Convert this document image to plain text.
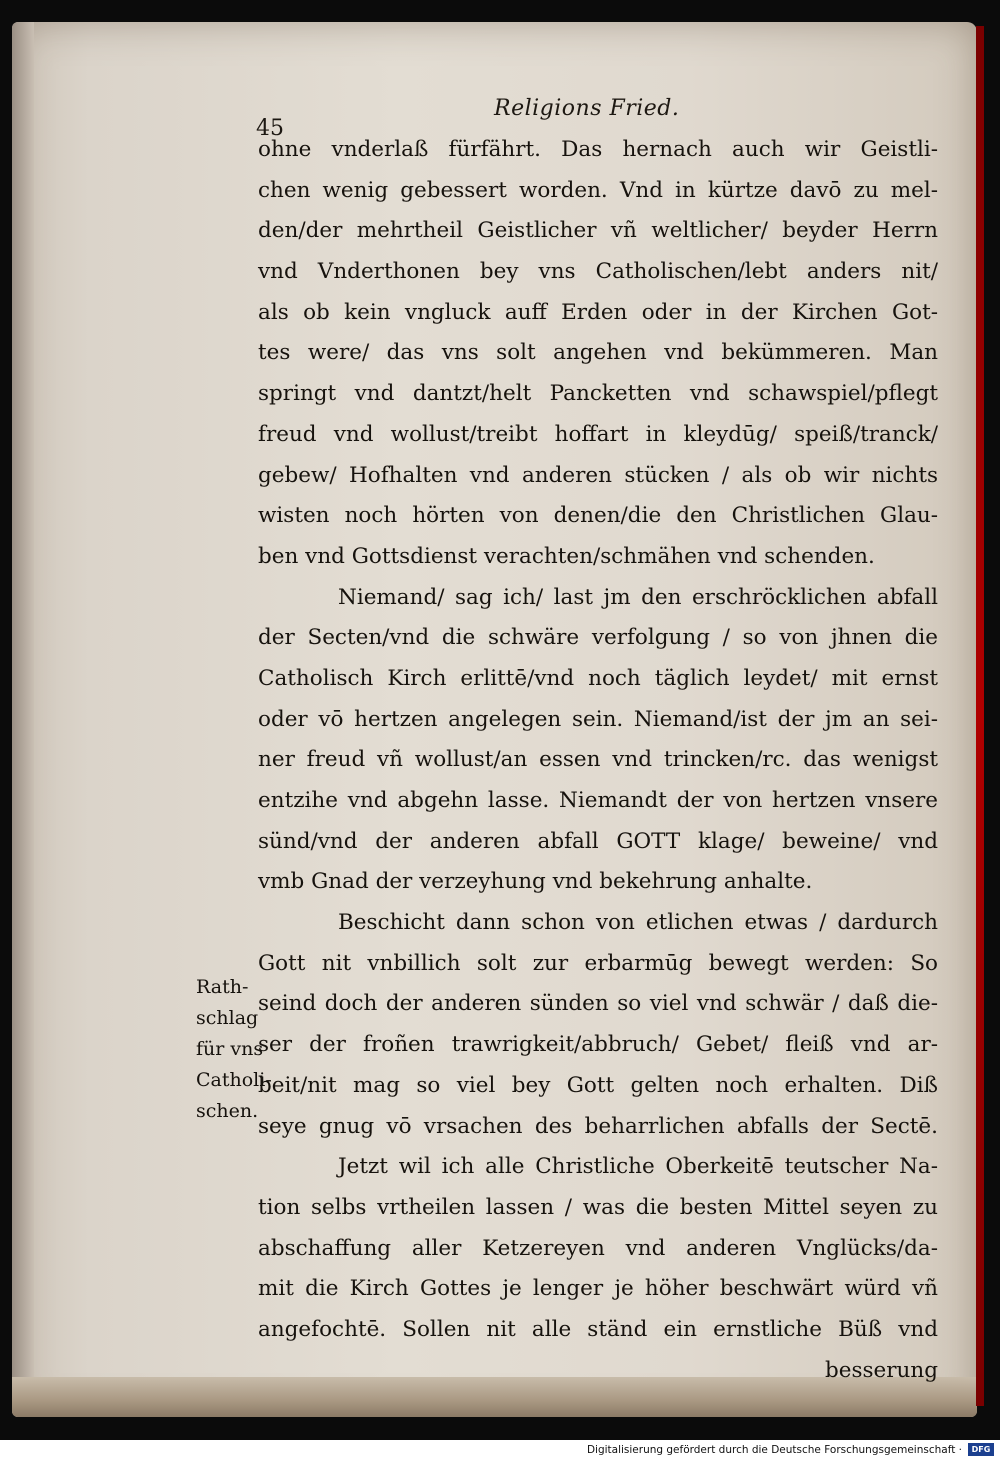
45
Religions Fried.
ohne vnderlaß fürfährt. Das hernach auch wir Geistli-
chen wenig gebessert worden. Vnd in kürtze davō zu mel-
den/der mehrtheil Geistlicher vñ weltlicher/ beyder Herrn
vnd Vnderthonen bey vns Catholischen/lebt anders nit/
als ob kein vngluck auff Erden oder in der Kirchen Got-
tes were/ das vns solt angehen vnd bekümmeren. Man
springt vnd dantzt/helt Pancketten vnd schawspiel/pflegt
freud vnd wollust/treibt hoffart in kleydūg/ speiß/tranck/
gebew/ Hofhalten vnd anderen stücken / als ob wir nichts
wisten noch hörten von denen/die den Christlichen Glau-
ben vnd Gottsdienst verachten/schmähen vnd schenden.
Niemand/ sag ich/ last jm den erschröcklichen abfall
der Secten/vnd die schwäre verfolgung / so von jhnen die
Catholisch Kirch erlittē/vnd noch täglich leydet/ mit ernst
oder vō hertzen angelegen sein. Niemand/ist der jm an sei-
ner freud vñ wollust/an essen vnd trincken/rc. das wenigst
entzihe vnd abgehn lasse. Niemandt der von hertzen vnsere
sünd/vnd der anderen abfall GOTT klage/ beweine/ vnd
vmb Gnad der verzeyhung vnd bekehrung anhalte.
Beschicht dann schon von etlichen etwas / dardurch
Gott nit vnbillich solt zur erbarmūg bewegt werden: So
seind doch der anderen sünden so viel vnd schwär / daß die-
ser der froñen trawrigkeit/abbruch/ Gebet/ fleiß vnd ar-
beit/nit mag so viel bey Gott gelten noch erhalten. Diß
seye gnug vō vrsachen des beharrlichen abfalls der Sectē.
Jetzt wil ich alle Christliche Oberkeitē teutscher Na-
tion selbs vrtheilen lassen / was die besten Mittel seyen zu
abschaffung aller Ketzereyen vnd anderen Vnglücks/da-
mit die Kirch Gottes je lenger je höher beschwärt würd vñ
angefochtē. Sollen nit alle ständ ein ernstliche Büß vnd
besserung
Rath-
schlag
für vns
Catholi-
schen.
Digitalisierung gefördert durch die Deutsche Forschungsgemeinschaft ·	DFG
